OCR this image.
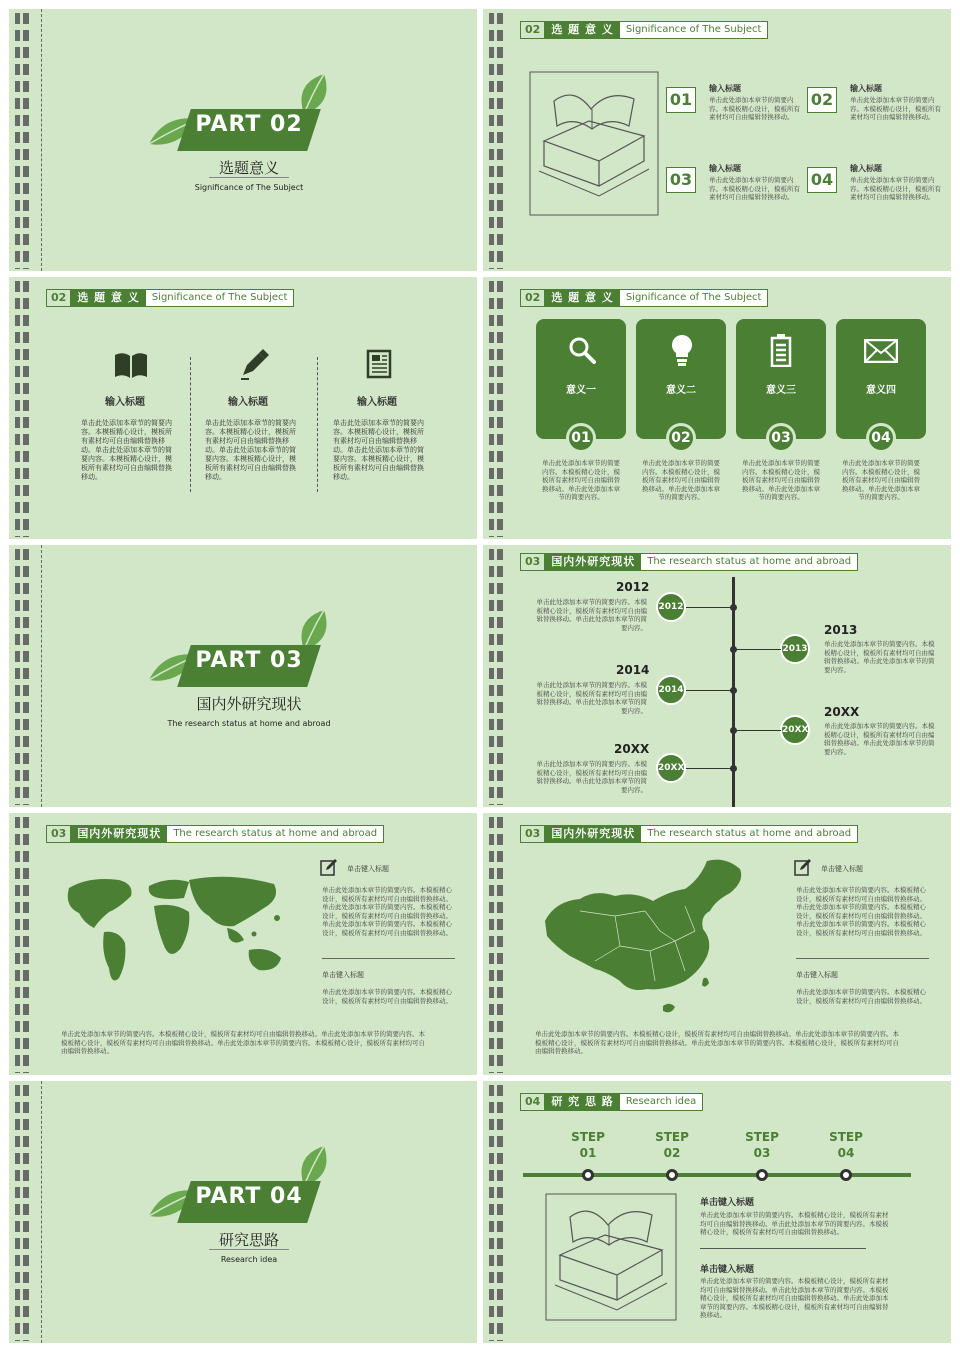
PART 02
选题意义
Significance of The Subject
02	选 题 意 义	Significance of The Subject
01
输入标题
单击此处添加本章节的简要内容。本模板精心设计，模板所有素材均可自由编辑替换移动。
02
输入标题
单击此处添加本章节的简要内容。本模板精心设计，模板所有素材均可自由编辑替换移动。
03
输入标题
单击此处添加本章节的简要内容。本模板精心设计，模板所有素材均可自由编辑替换移动。
04
输入标题
单击此处添加本章节的简要内容。本模板精心设计，模板所有素材均可自由编辑替换移动。
02	选 题 意 义	Significance of The Subject
输入标题	输入标题	输入标题
单击此处添加本章节的简要内容。本模板精心设计，模板所有素材均可自由编辑替换移动。单击此处添加本章节的简要内容。本模板精心设计，模板所有素材均可自由编辑替换移动。
单击此处添加本章节的简要内容。本模板精心设计，模板所有素材均可自由编辑替换移动。单击此处添加本章节的简要内容。本模板精心设计，模板所有素材均可自由编辑替换移动。
单击此处添加本章节的简要内容。本模板精心设计，模板所有素材均可自由编辑替换移动。单击此处添加本章节的简要内容。本模板精心设计，模板所有素材均可自由编辑替换移动。
02	选 题 意 义	Significance of The Subject
意义一	意义二	意义三	意义四
01	02	03	04
单击此处添加本章节的简要内容。本模板精心设计，模板所有素材均可自由编辑替换移动。单击此处添加本章节的简要内容。
单击此处添加本章节的简要内容。本模板精心设计，模板所有素材均可自由编辑替换移动。单击此处添加本章节的简要内容。
单击此处添加本章节的简要内容。本模板精心设计，模板所有素材均可自由编辑替换移动。单击此处添加本章节的简要内容。
单击此处添加本章节的简要内容。本模板精心设计，模板所有素材均可自由编辑替换移动。单击此处添加本章节的简要内容。
PART 03
国内外研究现状
The research status at home and abroad
03	国内外研究现状	The research status at home and abroad
2012
单击此处添加本章节的简要内容。本模板精心设计，模板所有素材均可自由编辑替换移动。单击此处添加本章节的简要内容。
2012
2013
2013
单击此处添加本章节的简要内容。本模板精心设计，模板所有素材均可自由编辑替换移动。单击此处添加本章节的简要内容。
2014
单击此处添加本章节的简要内容。本模板精心设计，模板所有素材均可自由编辑替换移动。单击此处添加本章节的简要内容。
2014
20XX
20XX
单击此处添加本章节的简要内容。本模板精心设计，模板所有素材均可自由编辑替换移动。单击此处添加本章节的简要内容。
20XX
单击此处添加本章节的简要内容。本模板精心设计，模板所有素材均可自由编辑替换移动。单击此处添加本章节的简要内容。
20XX
03	国内外研究现状	The research status at home and abroad
单击键入标题
单击此处添加本章节的简要内容。本模板精心设计，模板所有素材均可自由编辑替换移动。单击此处添加本章节的简要内容。本模板精心设计，模板所有素材均可自由编辑替换移动。单击此处添加本章节的简要内容。本模板精心设计，模板所有素材均可自由编辑替换移动。
单击键入标题
单击此处添加本章节的简要内容。本模板精心设计，模板所有素材均可自由编辑替换移动。
单击此处添加本章节的简要内容。本模板精心设计，模板所有素材均可自由编辑替换移动。单击此处添加本章节的简要内容。本模板精心设计，模板所有素材均可自由编辑替换移动。单击此处添加本章节的简要内容。本模板精心设计，模板所有素材均可自由编辑替换移动。
03	国内外研究现状	The research status at home and abroad
单击键入标题
单击此处添加本章节的简要内容。本模板精心设计，模板所有素材均可自由编辑替换移动。单击此处添加本章节的简要内容。本模板精心设计，模板所有素材均可自由编辑替换移动。单击此处添加本章节的简要内容。本模板精心设计，模板所有素材均可自由编辑替换移动。
单击键入标题
单击此处添加本章节的简要内容。本模板精心设计，模板所有素材均可自由编辑替换移动。
单击此处添加本章节的简要内容。本模板精心设计，模板所有素材均可自由编辑替换移动。单击此处添加本章节的简要内容。本模板精心设计，模板所有素材均可自由编辑替换移动。单击此处添加本章节的简要内容。本模板精心设计，模板所有素材均可自由编辑替换移动。
PART 04
研究思路
Research idea
04	研 究 思 路	Research idea
STEP
01
STEP
02
STEP
03
STEP
04
单击键入标题
单击此处添加本章节的简要内容。本模板精心设计，模板所有素材均可自由编辑替换移动。单击此处添加本章节的简要内容。本模板精心设计，模板所有素材均可自由编辑替换移动。
单击键入标题
单击此处添加本章节的简要内容。本模板精心设计，模板所有素材均可自由编辑替换移动。单击此处添加本章节的简要内容。本模板精心设计，模板所有素材均可自由编辑替换移动。单击此处添加本章节的简要内容。本模板精心设计，模板所有素材均可自由编辑替换移动。
